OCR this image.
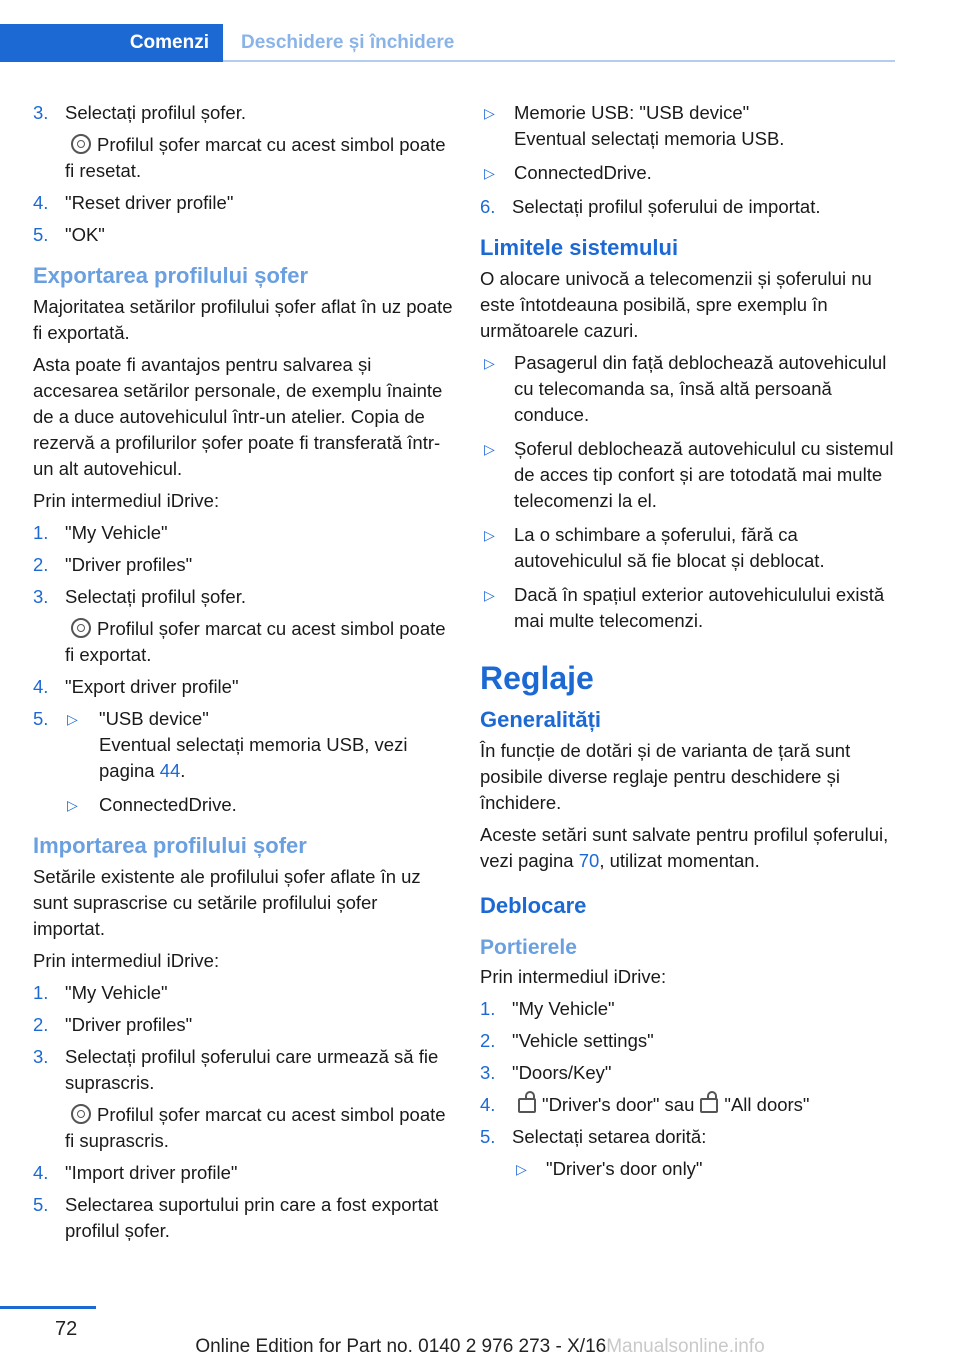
Comenzi	Deschidere și închidere
3. Selectați profilul șofer.
Profilul șofer marcat cu acest simbol poate fi resetat.
4. "Reset driver profile"
5. "OK"
Exportarea profilului șofer

Majoritatea setărilor profilului șofer aflat în uz poate fi exportată.

Asta poate fi avantajos pentru salvarea și accesarea setărilor personale, de exemplu înainte de a duce autovehiculul într-un atelier. Copia de rezervă a profilurilor șofer poate fi transferată într-un alt autovehicul.

Prin intermediul iDrive:

1. "My Vehicle"
2. "Driver profiles"
3. Selectați profilul șofer.
Profilul șofer marcat cu acest simbol poate fi exportat.
4. "Export driver profile"
5. ▷ "USB device"
Eventual selectați memoria USB, vezi pagina 44.
▷ ConnectedDrive.
Importarea profilului șofer

Setările existente ale profilului șofer aflate în uz sunt suprascrise cu setările profilului șofer importat.

Prin intermediul iDrive:

1. "My Vehicle"
2. "Driver profiles"
3. Selectați profilul șoferului care urmează să fie suprascris.
Profilul șofer marcat cu acest simbol poate fi suprascris.
4. "Import driver profile"
5. Selectarea suportului prin care a fost exportat profilul șofer.
▷ Memorie USB: "USB device"
Eventual selectați memoria USB.
▷ ConnectedDrive.
6. Selectați profilul șoferului de importat.
Limitele sistemului

O alocare univocă a telecomenzii și șoferului nu este întotdeauna posibilă, spre exemplu în următoarele cazuri.

▷ Pasagerul din față deblochează autovehiculul cu telecomanda sa, însă altă persoană conduce.
▷ Șoferul deblochează autovehiculul cu sistemul de acces tip confort și are totodată mai multe telecomenzi la el.
▷ La o schimbare a șoferului, fără ca autovehiculul să fie blocat și deblocat.
▷ Dacă în spațiul exterior autovehiculului există mai multe telecomenzi.
Reglaje
Generalități

În funcție de dotări și de varianta de țară sunt posibile diverse reglaje pentru deschidere și închidere.

Aceste setări sunt salvate pentru profilul șoferului, vezi pagina 70, utilizat momentan.

Deblocare
Portierele

Prin intermediul iDrive:

1. "My Vehicle"
2. "Vehicle settings"
3. "Doors/Key"
4.	"Driver's door" sau "All doors"
5. Selectați setarea dorită:
▷ "Driver's door only"
72
Online Edition for Part no. 0140 2 976 273 - X/16Manualsonline.info
